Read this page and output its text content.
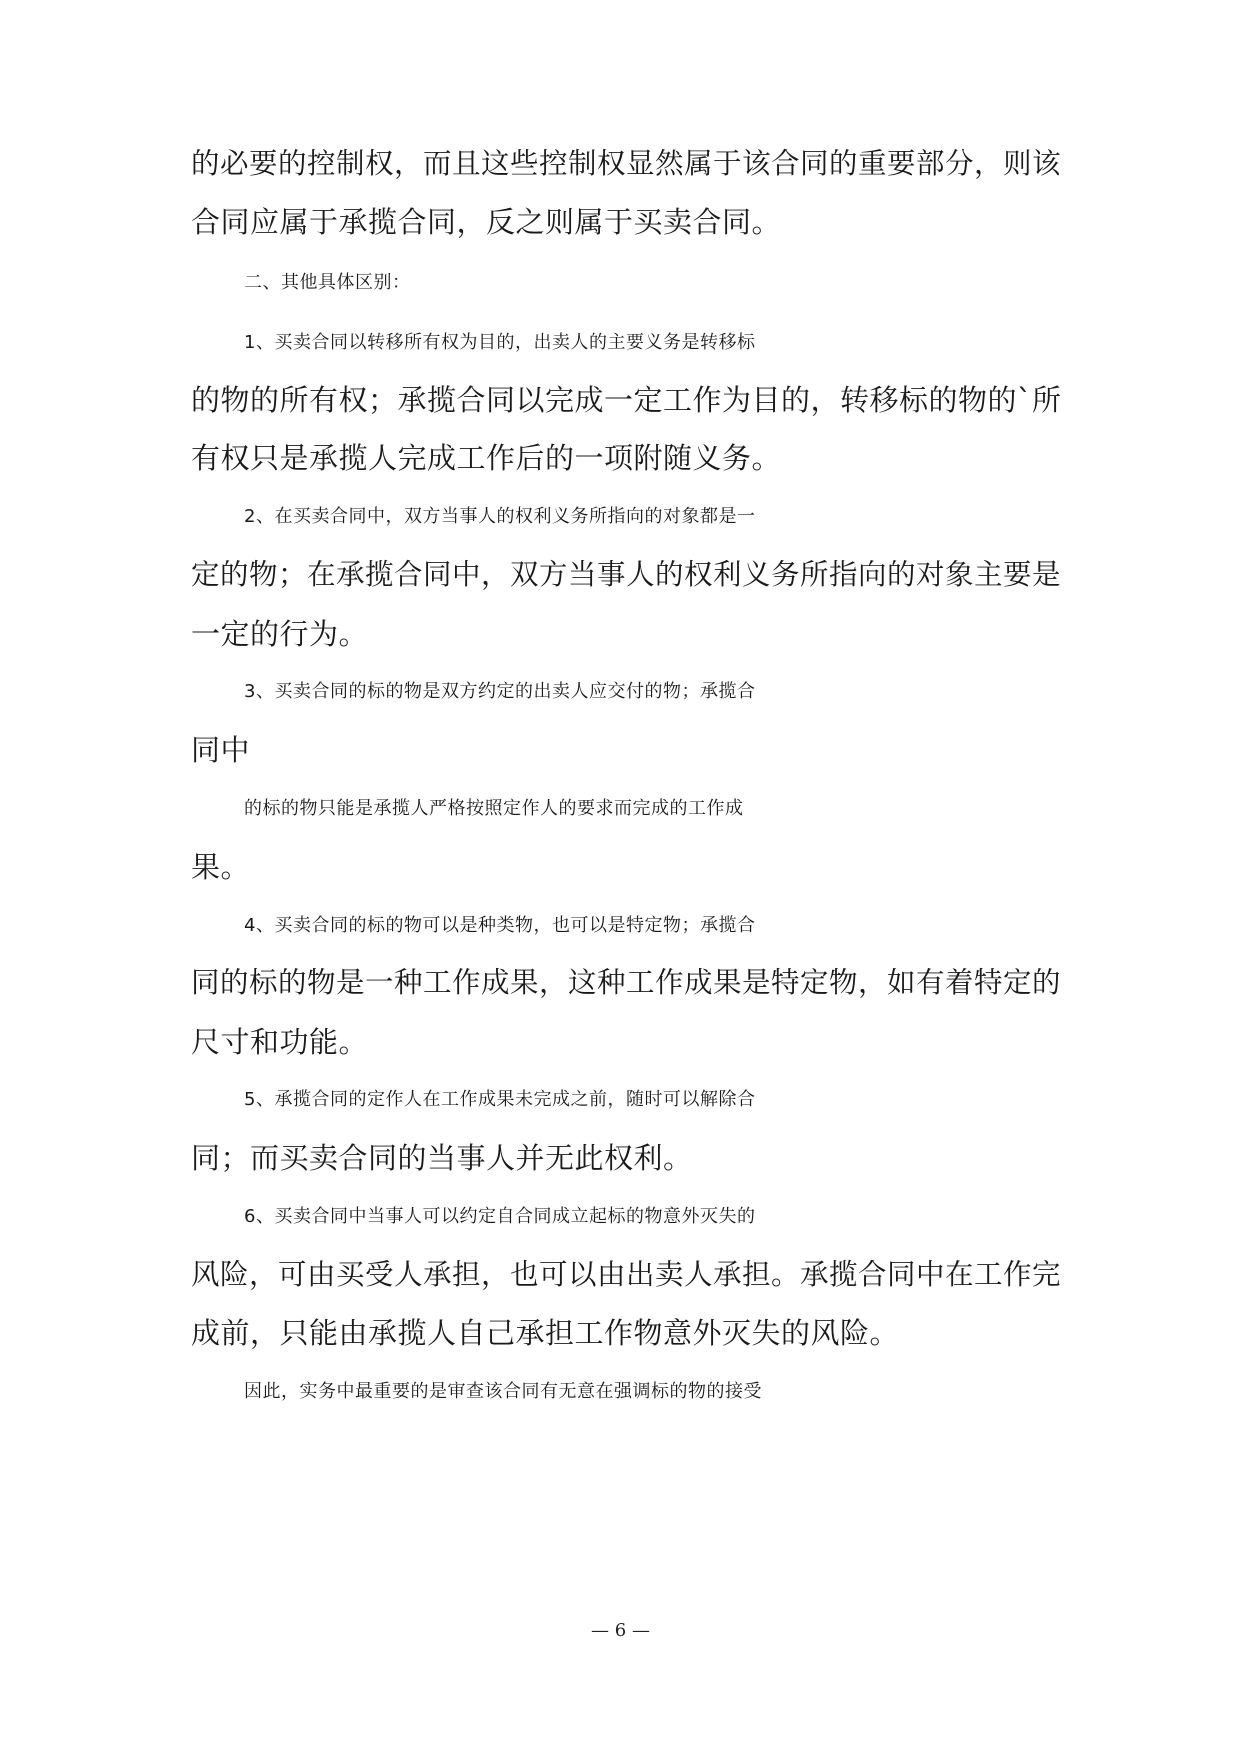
的必要的控制权，而且这些控制权显然属于该合同的重要部分，则该
合同应属于承揽合同，反之则属于买卖合同。
二、其他具体区别：
1、买卖合同以转移所有权为目的，出卖人的主要义务是转移标
的物的所有权；承揽合同以完成一定工作为目的，转移标的物的`所
有权只是承揽人完成工作后的一项附随义务。
2、在买卖合同中，双方当事人的权利义务所指向的对象都是一
定的物；在承揽合同中，双方当事人的权利义务所指向的对象主要是
一定的行为。
3、买卖合同的标的物是双方约定的出卖人应交付的物；承揽合
同中
的标的物只能是承揽人严格按照定作人的要求而完成的工作成
果。
4、买卖合同的标的物可以是种类物，也可以是特定物；承揽合
同的标的物是一种工作成果，这种工作成果是特定物，如有着特定的
尺寸和功能。
5、承揽合同的定作人在工作成果未完成之前，随时可以解除合
同；而买卖合同的当事人并无此权利。
6、买卖合同中当事人可以约定自合同成立起标的物意外灭失的
风险，可由买受人承担，也可以由出卖人承担。承揽合同中在工作完
成前，只能由承揽人自己承担工作物意外灭失的风险。
因此，实务中最重要的是审查该合同有无意在强调标的物的接受
— 6 —
